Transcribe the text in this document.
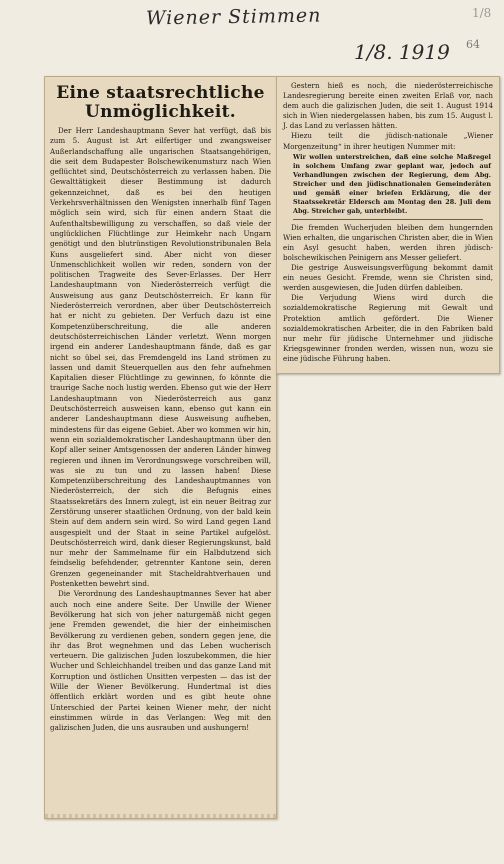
Wiener Stimmen
1/8. 1919 64
1/8
Eine staatsrechtliche Unmöglichkeit.

Der Herr Landeshauptmann Sever hat verfügt, daß bis zum 5. August ist Art eilfertiger und zwangsweiser Außerlandschaffung alle ungarischen Staatsangehörigen, die seit dem Budapester Bolschewikenumsturz nach Wien geflüchtet sind, Deutschösterreich zu verlassen haben. Die Gewalttätigkeit dieser Bestimmung ist dadurch gekennzeichnet, daß es bei den heutigen Verkehrsverhältnissen den Wenigsten innerhalb fünf Tagen möglich sein wird, sich für einen andern Staat die Aufenthaltsbewilligung zu verschaffen, so daß viele der unglücklichen Flüchtlinge zur Heimkehr nach Ungarn genötigt und den blutrünstigen Revolutionstribunalen Bela Kuns ausgeliefert sind. Aber nicht von dieser Unmenschlichkeit wollen wir reden, sondern von der politischen Tragweite des Sever-Erlasses. Der Herr Landeshauptmann von Niederösterreich verfügt die Ausweisung aus ganz Deutschösterreich. Er kann für Niederösterreich verordnen, aber über Deutschösterreich hat er nicht zu gebieten. Der Verfuch dazu ist eine Kompetenzüberschreitung, die alle anderen deutschösterreichischen Länder verletzt. Wenn morgen irgend ein anderer Landeshauptmann fände, daß es gar nicht so übel sei, das Fremdengeld ins Land strömen zu lassen und damit Steuerquellen aus den fehr aufnehmen Kapitalien dieser Flüchtlinge zu gewinnen, fo könnte die traurige Sache noch lustig werden. Ebenso gut wie der Herr Landeshauptmann von Niederösterreich aus ganz Deutschösterreich ausweisen kann, ebenso gut kann ein anderer Landeshauptmann diese Ausweisung aufheben, mindestens für das eigene Gebiet. Aber wo kommen wir hin, wenn ein sozialdemokratischer Landeshauptmann über den Kopf aller seiner Amtsgenossen der anderen Länder hinweg regieren und ihnen im Verordnungswege vorschreiben will, was sie zu tun und zu lassen haben! Diese Kompetenzüberschreitung des Landeshauptmannes von Niederösterreich, der sich die Befugnis eines Staatssekretärs des Innern zulegt, ist ein neuer Beitrag zur Zerstörung unserer staatlichen Ordnung, von der bald kein Stein auf dem andern sein wird. So wird Land gegen Land ausgespielt und der Staat in seine Partikel aufgelöst. Deutschösterreich wird, dank dieser Regierungskunst, bald nur mehr der Sammelname für ein Halbdutzend sich feindselig befehdender, getrennter Kantone sein, deren Grenzen gegeneinander mit Stacheldrahtverhauen und Postenketten bewehrt sind.

Die Verordnung des Landeshauptmannes Sever hat aber auch noch eine andere Seite. Der Unwille der Wiener Bevölkerung hat sich von jeher naturgemäß nicht gegen jene Fremden gewendet, die hier der einheimischen Bevölkerung zu verdienen geben, sondern gegen jene, die ihr das Brot wegnehmen und das Leben wucherisch verteuern. Die galizischen Juden loszubekommen, die hier Wucher und Schleichhandel treiben und das ganze Land mit Korruption und östlichen Unsitten verpesten — das ist der Wille der Wiener Bevölkerung. Hundertmal ist dies öffentlich erklärt worden und es gibt heute ohne Unterschied der Partei keinen Wiener mehr, der nicht einstimmen würde in das Verlangen: Weg mit den galizischen Juden, die uns ausrauben und aushungern!

Gestern hieß es noch, die niederösterreichische Landesregierung bereite einen zweiten Erlaß vor, nach dem auch die galizischen Juden, die seit 1. August 1914 sich in Wien niedergelassen haben, bis zum 15. August l. J. das Land zu verlassen hätten.

Hiezu teilt die jüdisch-nationale „Wiener Morgenzeitung“ in ihrer heutigen Nummer mit:

Wir wollen unterstreichen, daß eine solche Maßregel in solchem Umfang zwar geplant war, jedoch auf Verhandlungen zwischen der Regierung, dem Abg. Streicher und den jüdischnationalen Gemeinderäten und gemäß einer briefen Erklärung, die der Staatssekretär Eldersch am Montag den 28. Juli dem Abg. Streicher gab, unterbleibt.

Die fremden Wucherjuden bleiben dem hungernden Wien erhalten, die ungarischen Christen aber, die in Wien ein Asyl gesucht haben, werden ihren jüdisch-bolschewikischen Peinigern ans Messer geliefert.

Die gestrige Ausweisungsverfügung bekommt damit ein neues Gesicht. Fremde, wenn sie Christen sind, werden ausgewiesen, die Juden dürfen dableiben.

Die Verjudung Wiens wird durch die sozialdemokratische Regierung mit Gewalt und Protektion amtlich gefördert. Die Wiener sozialdemokratischen Arbeiter, die in den Fabriken bald nur mehr für jüdische Unternehmer und jüdische Kriegsgewinner fronden werden, wissen nun, wozu sie eine jüdische Führung haben.
